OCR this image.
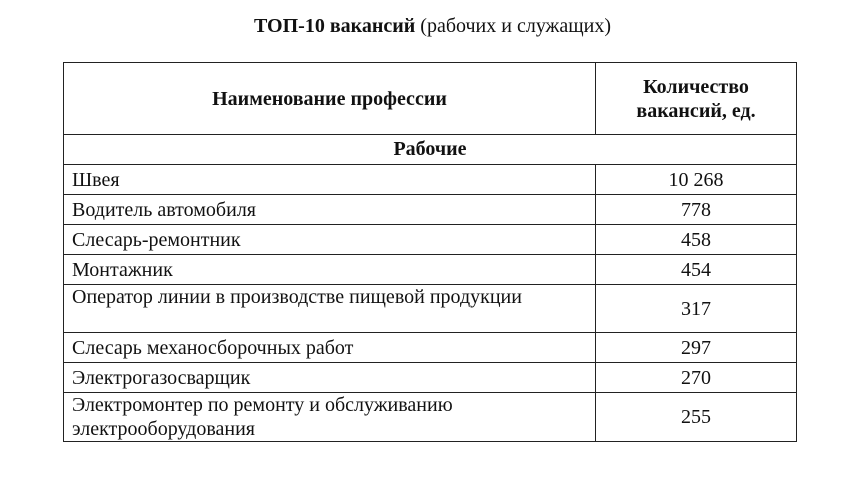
ТОП-10 вакансий (рабочих и служащих)
Наименование профессии	Количество
вакансий, ед.
Рабочие	
Швея	10 268
Водитель автомобиля	778
Слесарь-ремонтник	458
Монтажник	454
Оператор линии в производстве пищевой продукции	317
Слесарь механосборочных работ	297
Электрогазосварщик	270
Электромонтер по ремонту и обслуживанию электрооборудования	255
